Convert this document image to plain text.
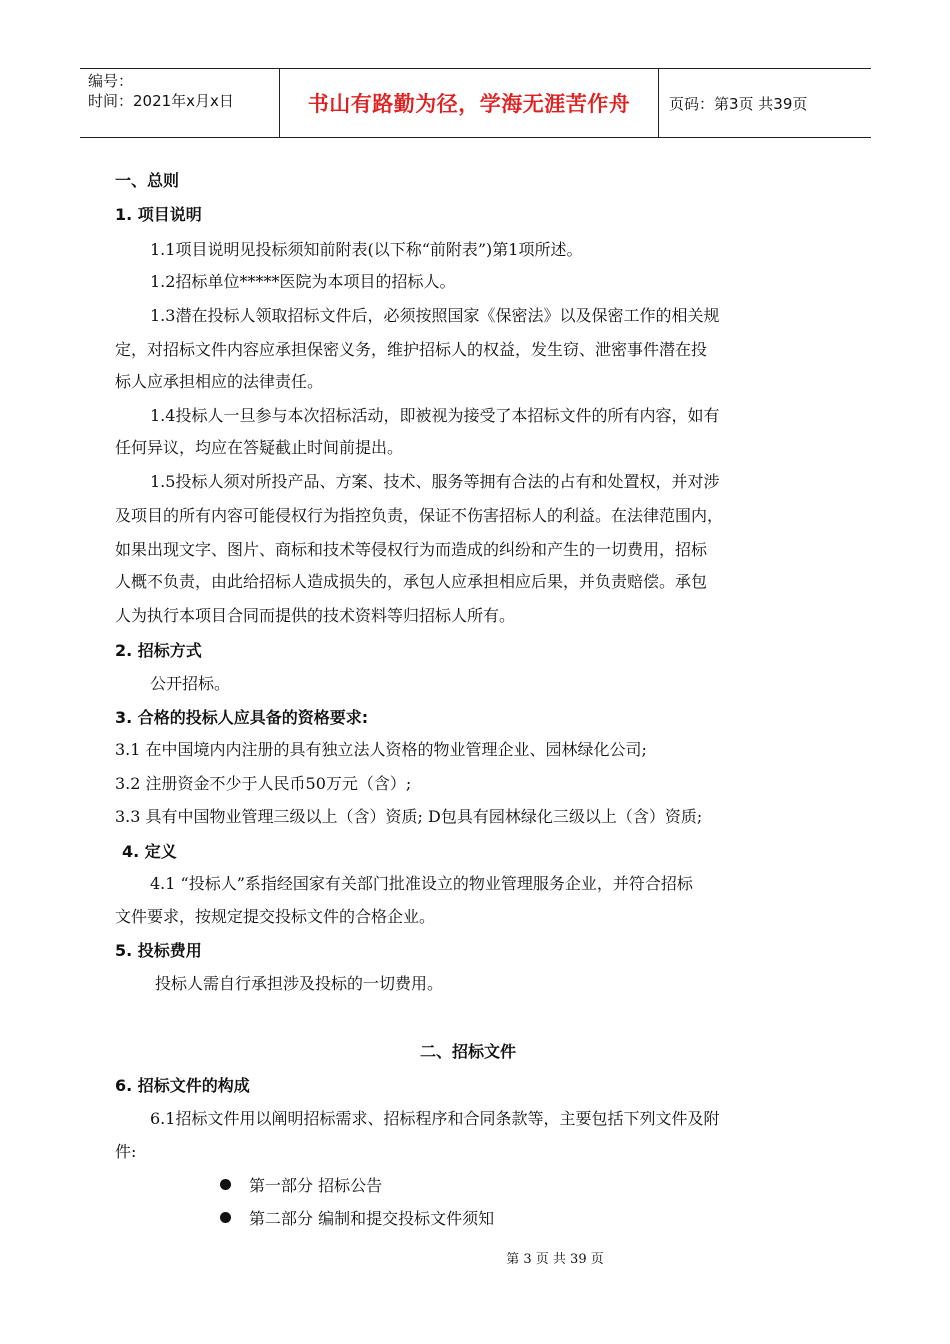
编号：
时间：2021年x月x日	书山有路勤为径，学海无涯苦作舟	页码：第3页 共39页
一、总则
1. 项目说明
1.1项目说明见投标须知前附表(以下称“前附表”)第1项所述。
1.2招标单位*****医院为本项目的招标人。
1.3潜在投标人领取招标文件后，必须按照国家《保密法》以及保密工作的相关规
定，对招标文件内容应承担保密义务，维护招标人的权益，发生窃、泄密事件潜在投
标人应承担相应的法律责任。
1.4投标人一旦参与本次招标活动，即被视为接受了本招标文件的所有内容，如有
任何异议，均应在答疑截止时间前提出。
1.5投标人须对所投产品、方案、技术、服务等拥有合法的占有和处置权，并对涉
及项目的所有内容可能侵权行为指控负责，保证不伤害招标人的利益。在法律范围内，
如果出现文字、图片、商标和技术等侵权行为而造成的纠纷和产生的一切费用，招标
人概不负责，由此给招标人造成损失的，承包人应承担相应后果，并负责赔偿。承包
人为执行本项目合同而提供的技术资料等归招标人所有。
2. 招标方式
公开招标。
3. 合格的投标人应具备的资格要求:
3.1 在中国境内内注册的具有独立法人资格的物业管理企业、园林绿化公司;
3.2 注册资金不少于人民币50万元（含）;
3.3 具有中国物业管理三级以上（含）资质; D包具有园林绿化三级以上（含）资质;
4. 定义
4.1 “投标人”系指经国家有关部门批准设立的物业管理服务企业，并符合招标
文件要求，按规定提交投标文件的合格企业。
5. 投标费用
投标人需自行承担涉及投标的一切费用。
二、招标文件
6. 招标文件的构成
6.1招标文件用以阐明招标需求、招标程序和合同条款等，主要包括下列文件及附
件:
第一部分 招标公告
第二部分 编制和提交投标文件须知
第 3 页 共 39 页
